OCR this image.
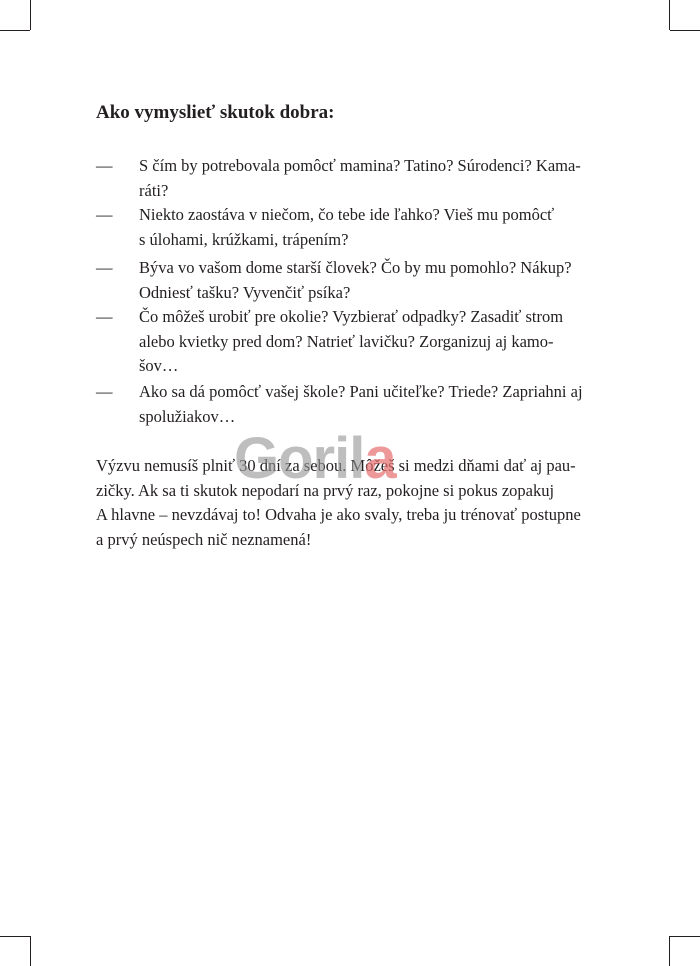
Ako vymyslieť skutok dobra:
— S čím by potrebovala pomôcť mamina? Tatino? Súrodenci? Kama-
ráti?
— Niekto zaostáva v niečom, čo tebe ide ľahko? Vieš mu pomôcť
s úlohami, krúžkami, trápením?
— Býva vo vašom dome starší človek? Čo by mu pomohlo? Nákup?
Odniesť tašku? Vyvenčiť psíka?
— Čo môžeš urobiť pre okolie? Vyzbierať odpadky? Zasadiť strom
alebo kvietky pred dom? Natrieť lavičku? Zorganizuj aj kamo-
šov…
— Ako sa dá pomôcť vašej škole? Pani učiteľke? Triede? Zapriahni aj
spolužiakov…
Výzvu nemusíš plniť 30 dní za sebou. Môžeš si medzi dňami dať aj pau-
zičky. Ak sa ti skutok nepodarí na prvý raz, pokojne si pokus zopakuj
A hlavne – nevzdávaj to! Odvaha je ako svaly, treba ju trénovať postupne
a prvý neúspech nič neznamená!
Gorila
